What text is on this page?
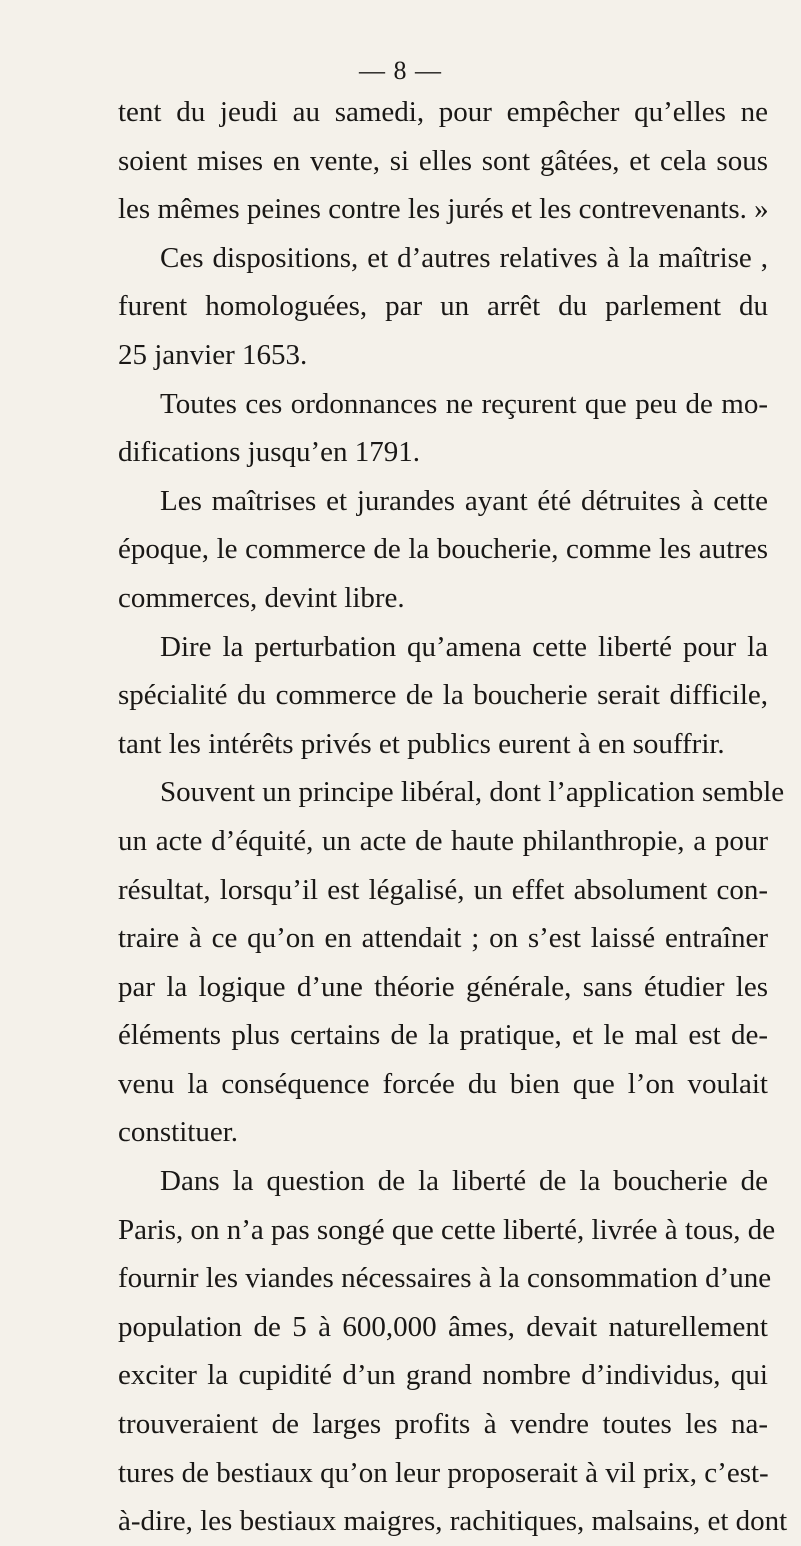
— 8 —
tent du jeudi au samedi, pour empêcher qu’elles ne
soient mises en vente, si elles sont gâtées, et cela sous
les mêmes peines contre les jurés et les contrevenants. »
Ces dispositions, et d’autres relatives à la maîtrise ,
furent homologuées, par un arrêt du parlement du
25 janvier 1653.
Toutes ces ordonnances ne reçurent que peu de mo-
difications jusqu’en 1791.
Les maîtrises et jurandes ayant été détruites à cette
époque, le commerce de la boucherie, comme les autres
commerces, devint libre.
Dire la perturbation qu’amena cette liberté pour la
spécialité du commerce de la boucherie serait difficile,
tant les intérêts privés et publics eurent à en souffrir.
Souvent un principe libéral, dont l’application semble
un acte d’équité, un acte de haute philanthropie, a pour
résultat, lorsqu’il est légalisé, un effet absolument con-
traire à ce qu’on en attendait ; on s’est laissé entraîner
par la logique d’une théorie générale, sans étudier les
éléments plus certains de la pratique, et le mal est de-
venu la conséquence forcée du bien que l’on voulait
constituer.
Dans la question de la liberté de la boucherie de
Paris, on n’a pas songé que cette liberté, livrée à tous, de
fournir les viandes nécessaires à la consommation d’une
population de 5 à 600,000 âmes, devait naturellement
exciter la cupidité d’un grand nombre d’individus, qui
trouveraient de larges profits à vendre toutes les na-
tures de bestiaux qu’on leur proposerait à vil prix, c’est-
à-dire, les bestiaux maigres, rachitiques, malsains, et dont
